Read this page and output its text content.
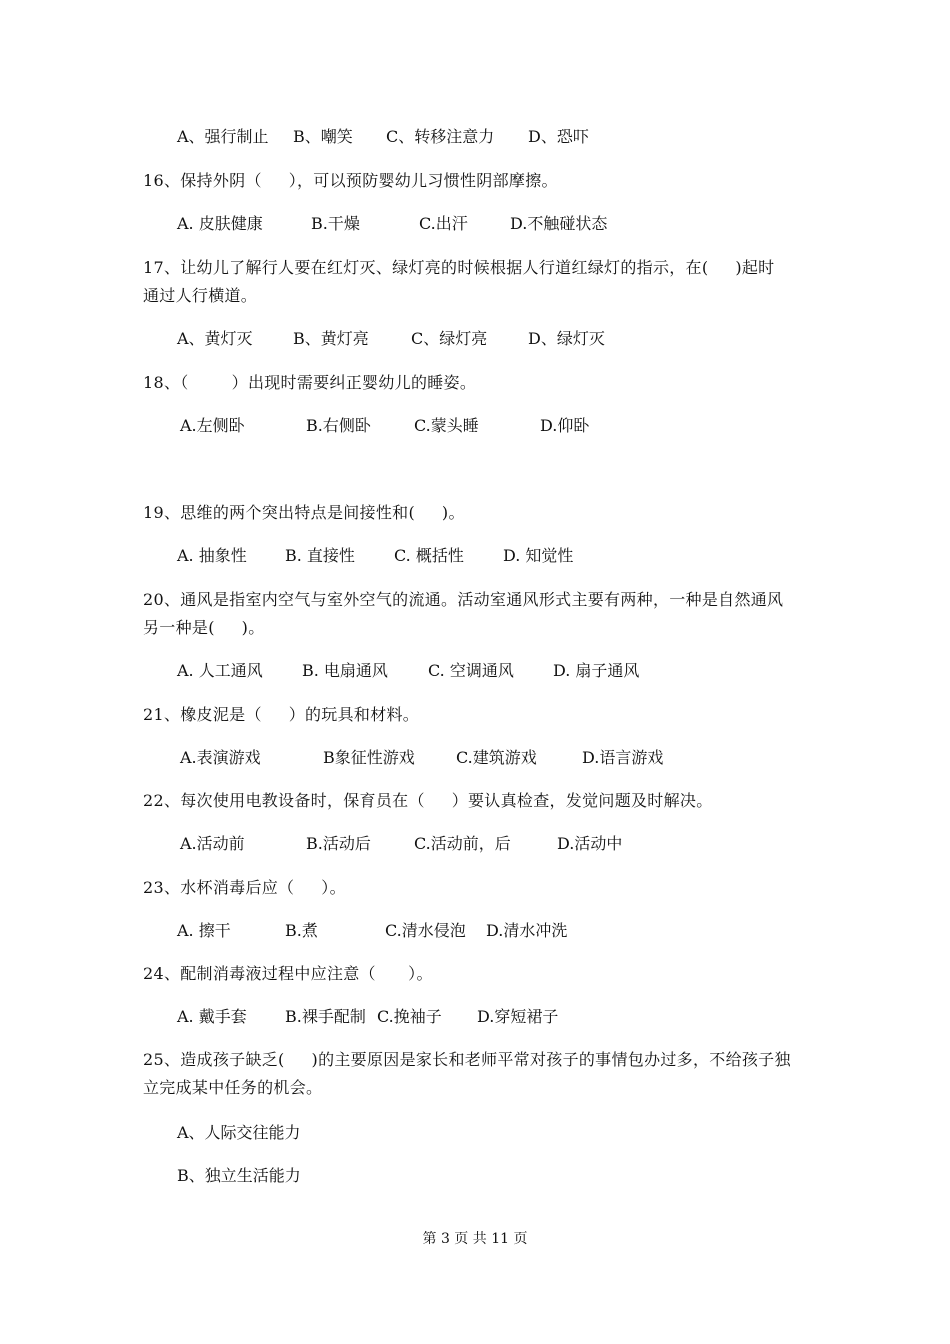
A、强行制止 B、嘲笑 C、转移注意力 D、恐吓
16、保持外阴（     ），可以预防婴幼儿习惯性阴部摩擦。
A. 皮肤健康	B.干燥	C.出汗	D.不触碰状态
17、让幼儿了解行人要在红灯灭、绿灯亮的时候根据人行道红绿灯的指示，在(     )起时
通过人行横道。
A、黄灯灭	B、黄灯亮	C、绿灯亮	D、绿灯灭
18、（        ）出现时需要纠正婴幼儿的睡姿。
A.左侧卧	B.右侧卧	C.蒙头睡	D.仰卧
19、思维的两个突出特点是间接性和(     )。
A. 抽象性 B. 直接性 C. 概括性 D. 知觉性
20、通风是指室内空气与室外空气的流通。活动室通风形式主要有两种，一种是自然通风
另一种是(     )。
A. 人工通风 B. 电扇通风	C. 空调通风 D. 扇子通风
21、橡皮泥是（     ）的玩具和材料。
A.表演游戏	B象征性游戏	C.建筑游戏	D.语言游戏
22、每次使用电教设备时，保育员在（     ）要认真检查，发觉问题及时解决。
A.活动前	B.活动后	C.活动前，后	D.活动中
23、水杯消毒后应（     ）。
A. 擦干	B.煮	C.清水侵泡 D.清水冲洗
24、配制消毒液过程中应注意（      ）。
A. 戴手套 B.裸手配制 C.挽袖子 D.穿短裙子
25、造成孩子缺乏(     )的主要原因是家长和老师平常对孩子的事情包办过多，不给孩子独
立完成某中任务的机会。
A、人际交往能力
B、独立生活能力
第 3 页 共 11 页
